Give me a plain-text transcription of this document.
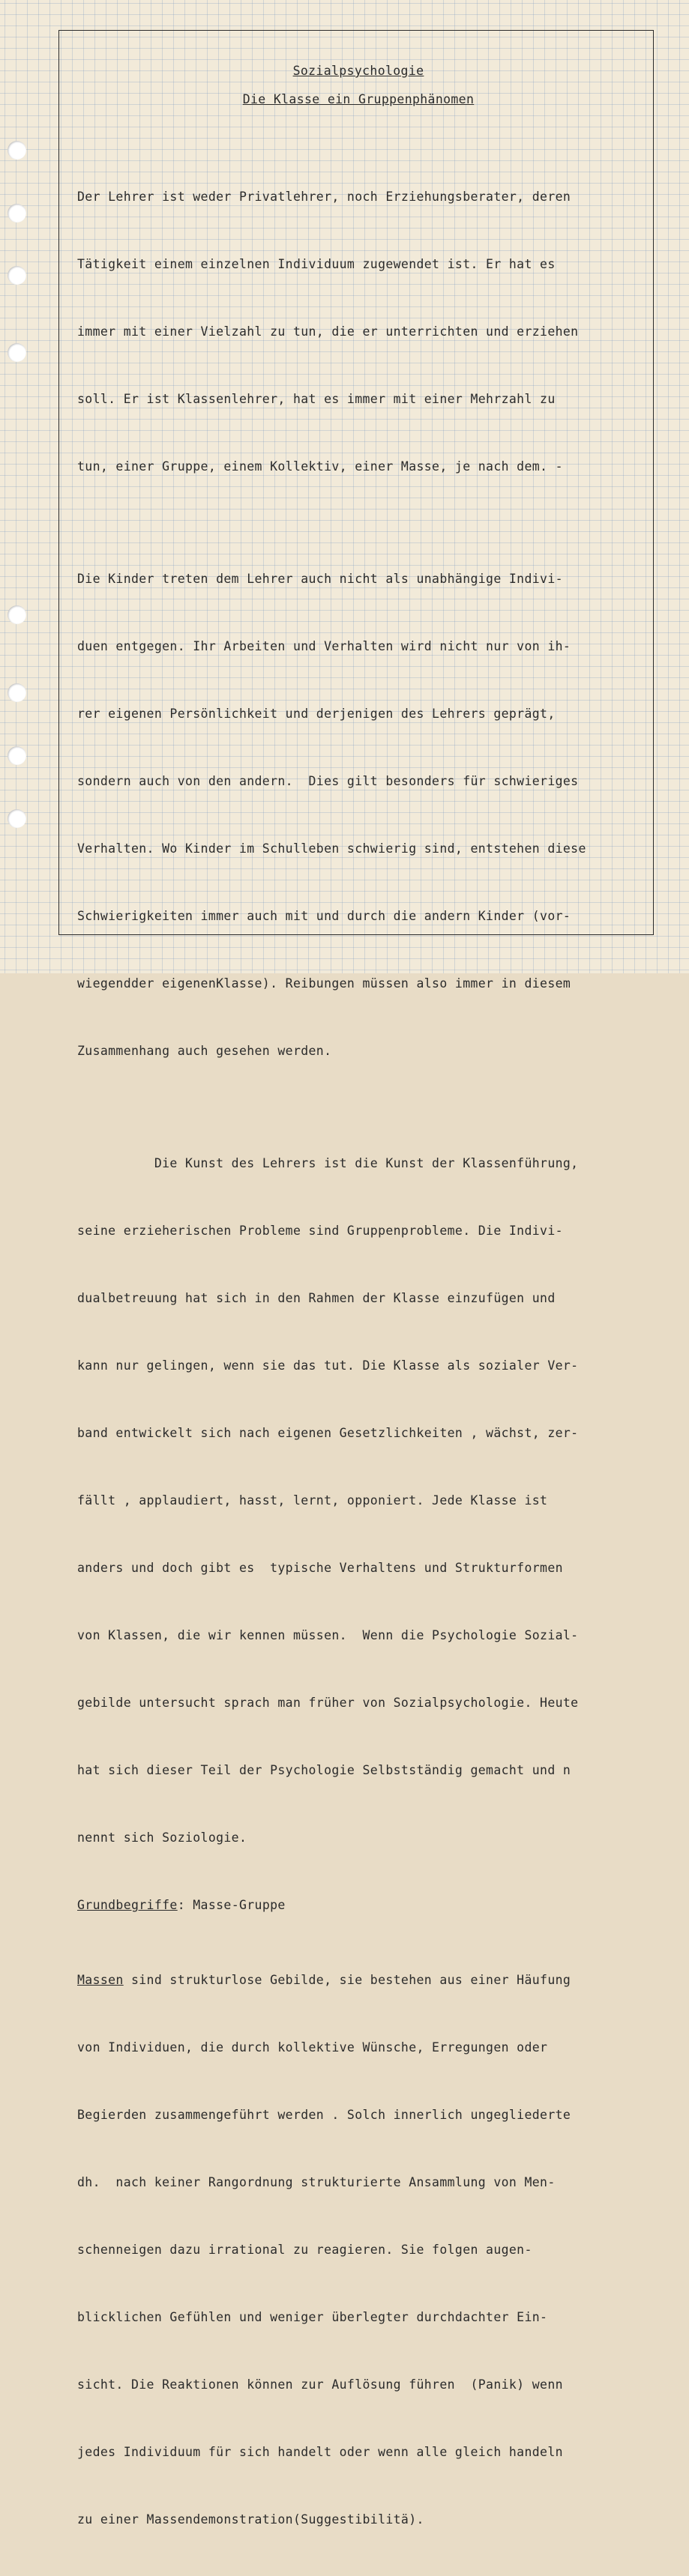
Sozialpsychologie
Die Klasse ein Gruppenphänomen

Der Lehrer ist weder Privatlehrer, noch Erziehungsberater, deren

Tätigkeit einem einzelnen Individuum zugewendet ist. Er hat es

immer mit einer Vielzahl zu tun, die er unterrichten und erziehen

soll. Er ist Klassenlehrer, hat es immer mit einer Mehrzahl zu

tun, einer Gruppe, einem Kollektiv, einer Masse, je nach dem. -

Die Kinder treten dem Lehrer auch nicht als unabhängige Indivi-

duen entgegen. Ihr Arbeiten und Verhalten wird nicht nur von ih-

rer eigenen Persönlichkeit und derjenigen des Lehrers geprägt,

sondern auch von den andern.  Dies gilt besonders für schwieriges

Verhalten. Wo Kinder im Schulleben schwierig sind, entstehen diese

Schwierigkeiten immer auch mit und durch die andern Kinder (vor-

wiegendder eigenenKlasse). Reibungen müssen also immer in diesem

Zusammenhang auch gesehen werden.

Die Kunst des Lehrers ist die Kunst der Klassenführung,

seine erzieherischen Probleme sind Gruppenprobleme. Die Indivi-

dualbetreuung hat sich in den Rahmen der Klasse einzufügen und

kann nur gelingen, wenn sie das tut. Die Klasse als sozialer Ver-

band entwickelt sich nach eigenen Gesetzlichkeiten , wächst, zer-

fällt , applaudiert, hasst, lernt, opponiert. Jede Klasse ist

anders und doch gibt es  typische Verhaltens und Strukturformen

von Klassen, die wir kennen müssen.  Wenn die Psychologie Sozial-

gebilde untersucht sprach man früher von Sozialpsychologie. Heute

hat sich dieser Teil der Psychologie Selbstständig gemacht und n

nennt sich Soziologie.

Grundbegriffe: Masse-Gruppe

Massen sind strukturlose Gebilde, sie bestehen aus einer Häufung

von Individuen, die durch kollektive Wünsche, Erregungen oder

Begierden zusammengeführt werden . Solch innerlich ungegliederte

dh.  nach keiner Rangordnung strukturierte Ansammlung von Men-

schenneigen dazu irrational zu reagieren. Sie folgen augen-

blicklichen Gefühlen und weniger überlegter durchdachter Ein-

sicht. Die Reaktionen können zur Auflösung führen  (Panik) wenn

jedes Individuum für sich handelt oder wenn alle gleich handeln

zu einer Massendemonstration(Suggestibilitä).
